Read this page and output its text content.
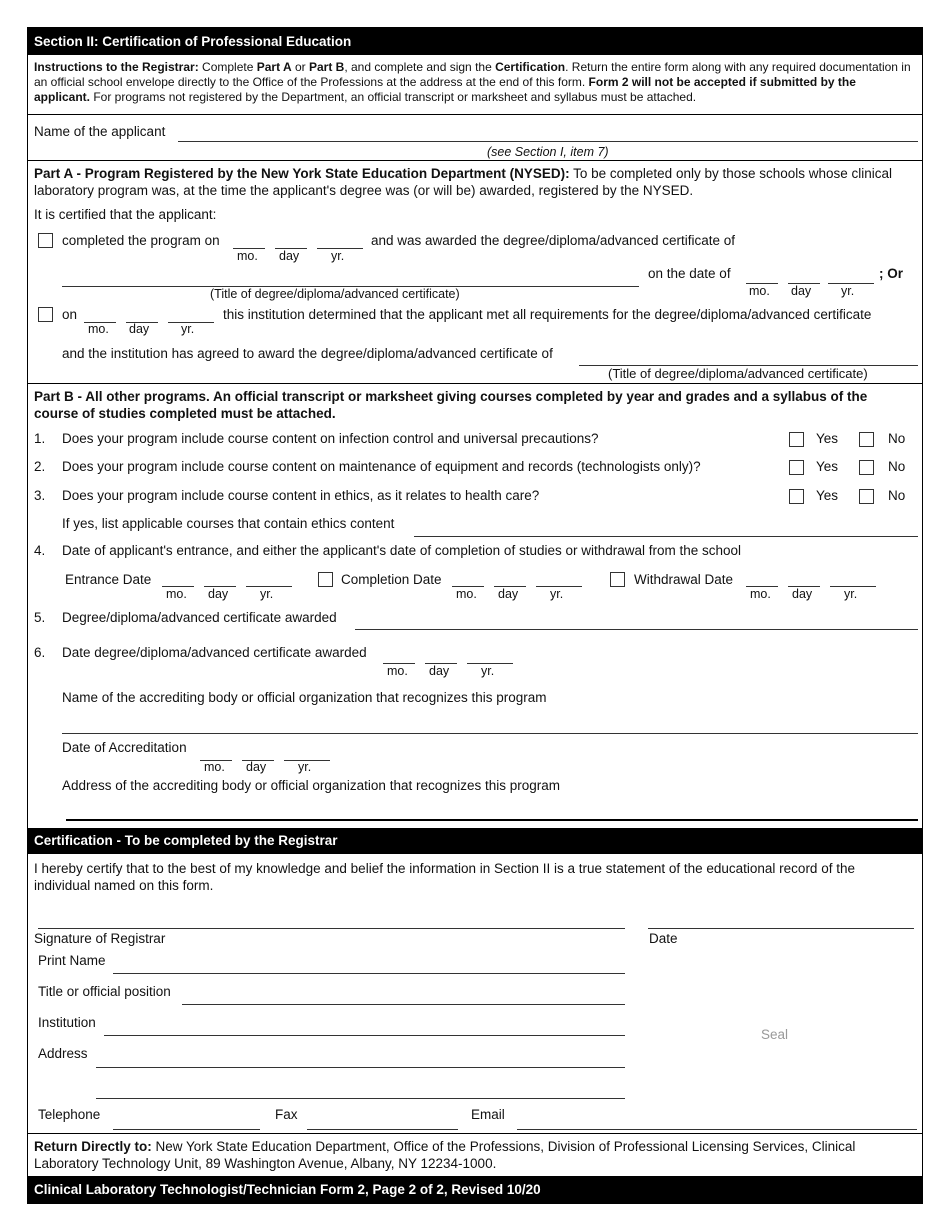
Section II: Certification of Professional Education
Instructions to the Registrar: Complete Part A or Part B, and complete and sign the Certification. Return the entire form along with any required documentation in an official school envelope directly to the Office of the Professions at the address at the end of this form. Form 2 will not be accepted if submitted by the applicant. For programs not registered by the Department, an official transcript or marksheet and syllabus must be attached.
Name of the applicant
(see Section I, item 7)
Part A - Program Registered by the New York State Education Department (NYSED): To be completed only by those schools whose clinical laboratory program was, at the time the applicant's degree was (or will be) awarded, registered by the NYSED.
It is certified that the applicant:
completed the program on
mo. day	yr.
and was awarded the degree/diploma/advanced certificate of
(Title of degree/diploma/advanced certificate)
on the date of
mo. day yr.
; Or
on
mo. day	yr.
this institution determined that the applicant met all requirements for the degree/diploma/advanced certificate
and the institution has agreed to award the degree/diploma/advanced certificate of
(Title of degree/diploma/advanced certificate)
Part B - All other programs. An official transcript or marksheet giving courses completed by year and grades and a syllabus of the course of studies completed must be attached.
1. Does your program include course content on infection control and universal precautions?	Yes	No
2. Does your program include course content on maintenance of equipment and records (technologists only)?	Yes	No
3. Does your program include course content in ethics, as it relates to health care?	Yes	No
If yes, list applicable courses that contain ethics content
4. Date of applicant's entrance, and either the applicant's date of completion of studies or withdrawal from the school
Entrance Date
mo. day	yr.
Completion Date
mo. day	yr.
Withdrawal Date
mo. day	yr.
5. Degree/diploma/advanced certificate awarded
6. Date degree/diploma/advanced certificate awarded
mo. day	yr.
Name of the accrediting body or official organization that recognizes this program
Date of Accreditation
mo. day	yr.
Address of the accrediting body or official organization that recognizes this program
Certification - To be completed by the Registrar
I hereby certify that to the best of my knowledge and belief the information in Section II is a true statement of the educational record of the individual named on this form.
Signature of Registrar	Date
Print Name
Title or official position
Institution
Address
Seal
Telephone	Fax	Email
Return Directly to: New York State Education Department, Office of the Professions, Division of Professional Licensing Services, Clinical Laboratory Technology Unit, 89 Washington Avenue, Albany, NY 12234-1000.
Clinical Laboratory Technologist/Technician Form 2, Page 2 of 2, Revised 10/20
